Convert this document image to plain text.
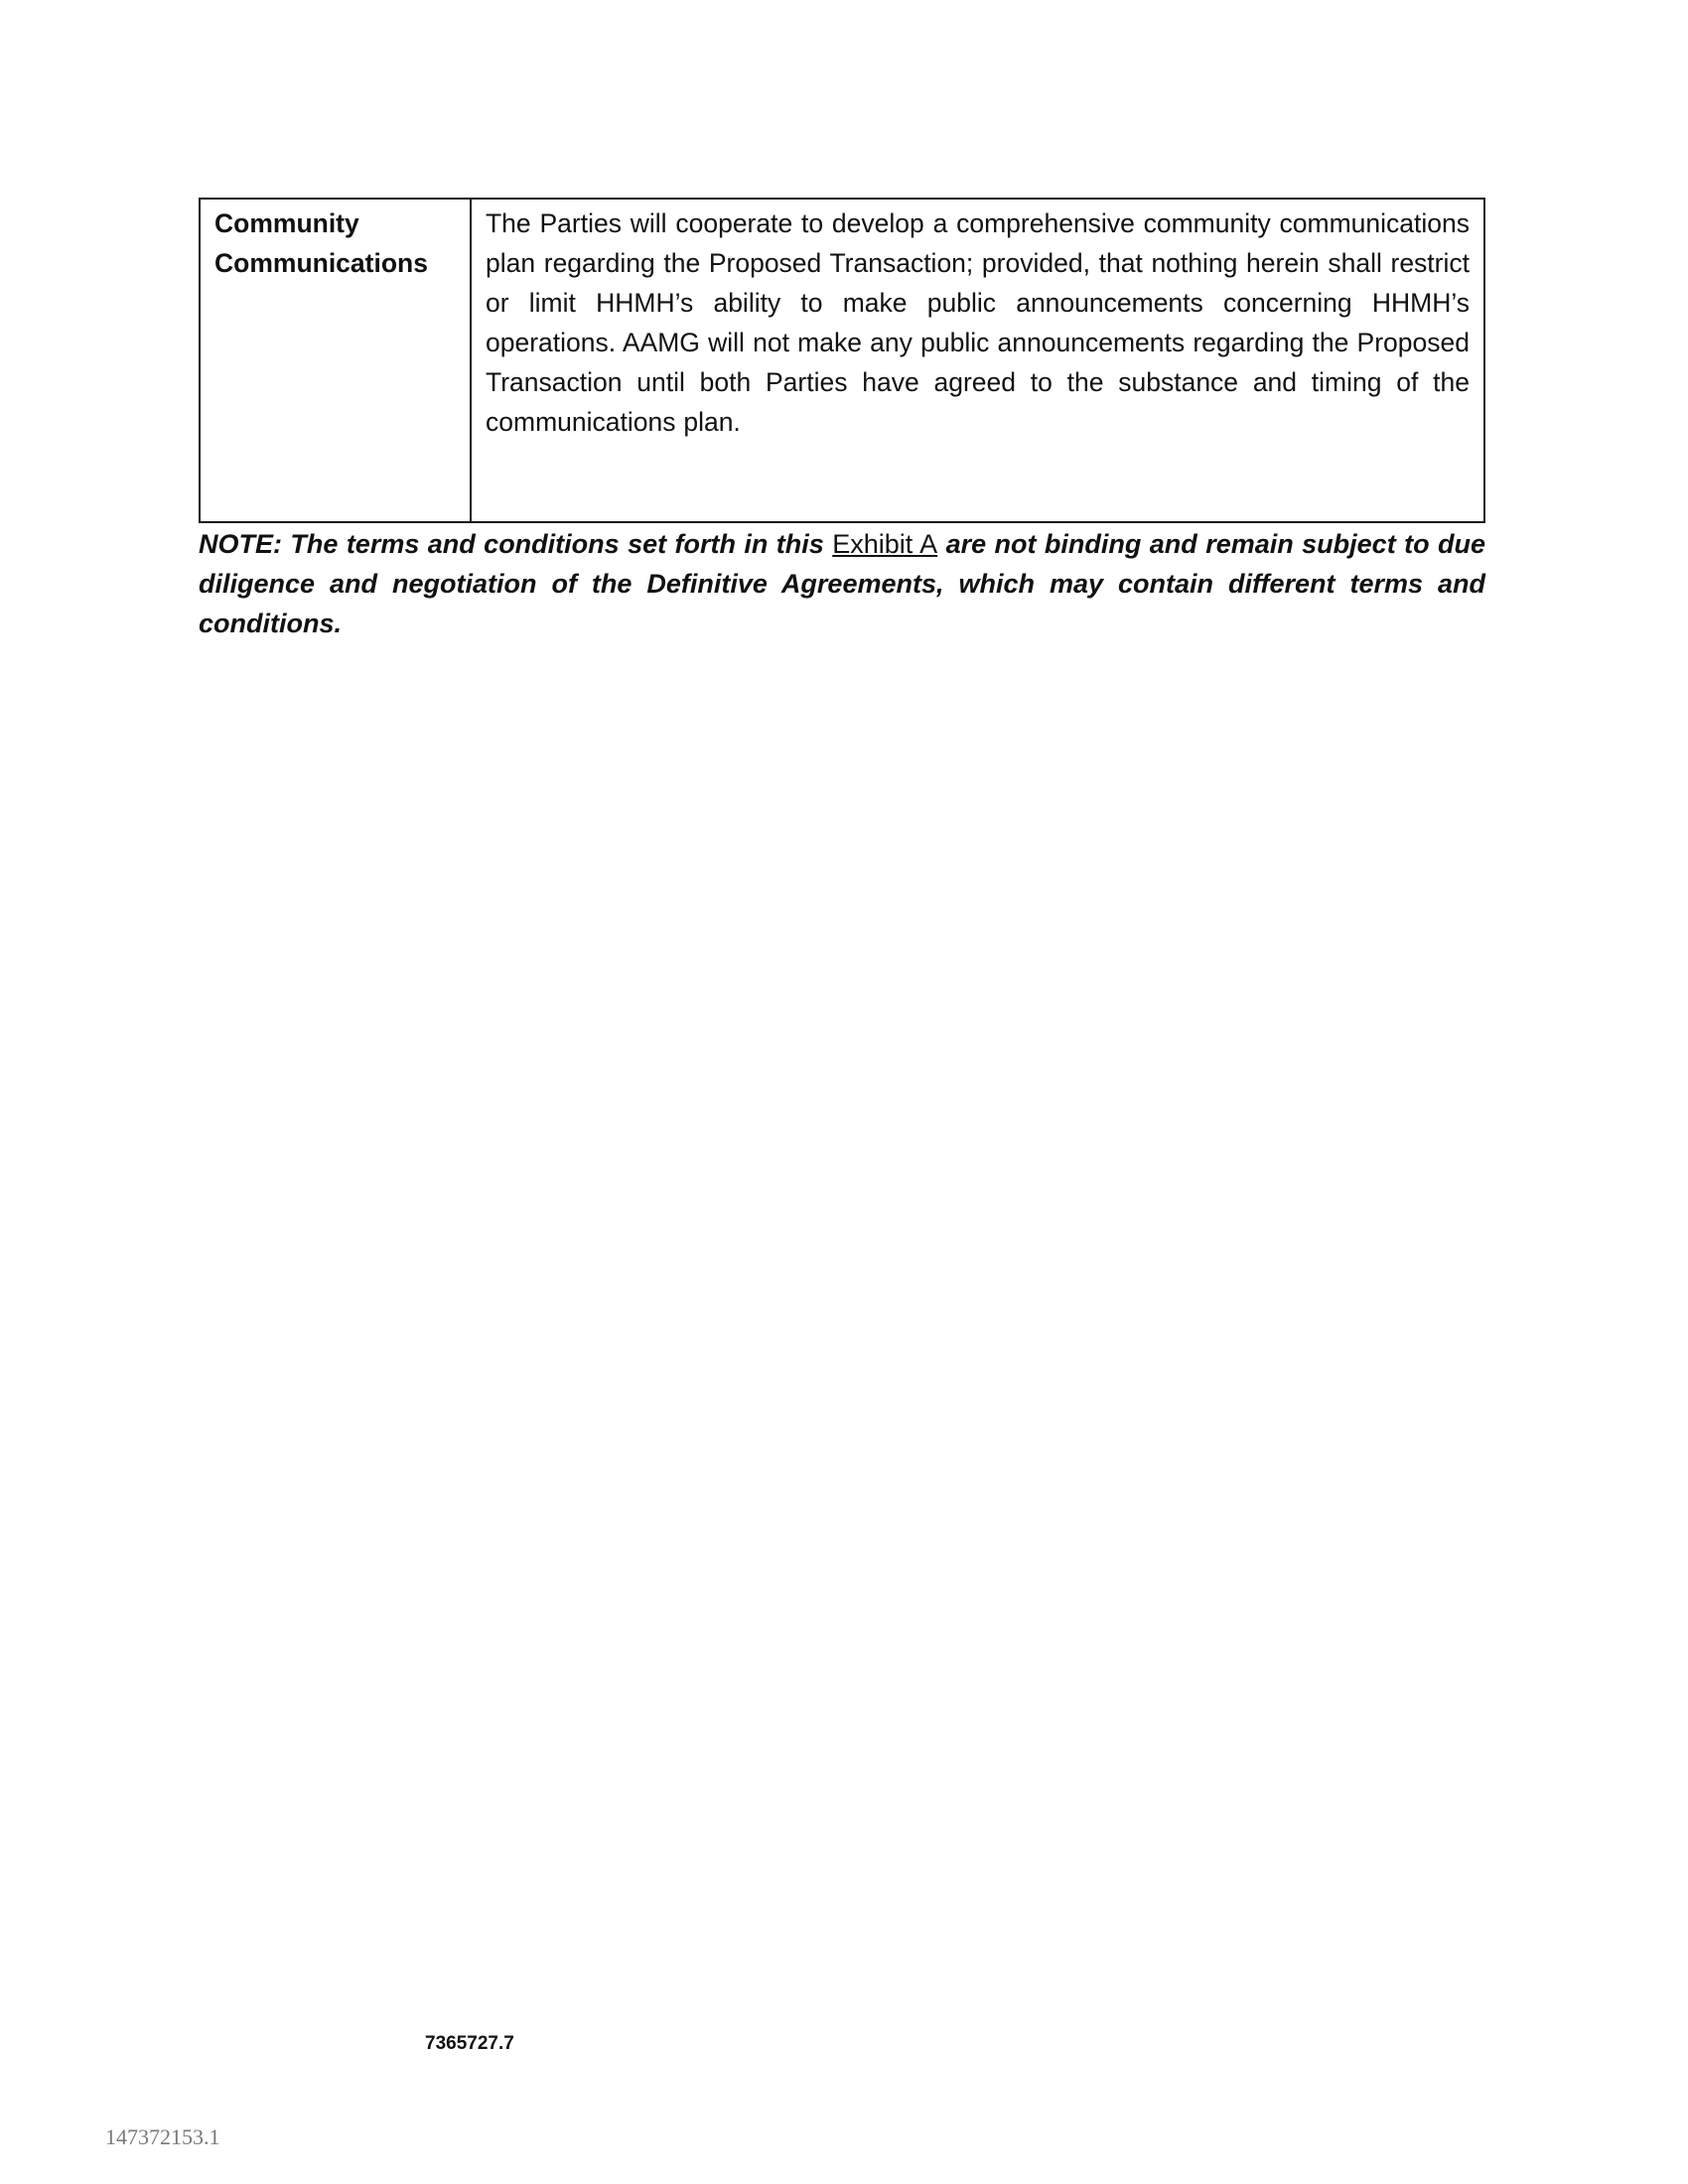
Community
Communications

The Parties will cooperate to develop a comprehensive community communications plan regarding the Proposed Transaction; provided, that nothing herein shall restrict or limit HHMH’s ability to make public announcements concerning HHMH’s operations. AAMG will not make any public announcements regarding the Proposed Transaction until both Parties have agreed to the substance and timing of the communications plan.

NOTE: The terms and conditions set forth in this Exhibit A are not binding and remain subject to due diligence and negotiation of the Definitive Agreements, which may contain different terms and conditions.

7365727.7
147372153.1
